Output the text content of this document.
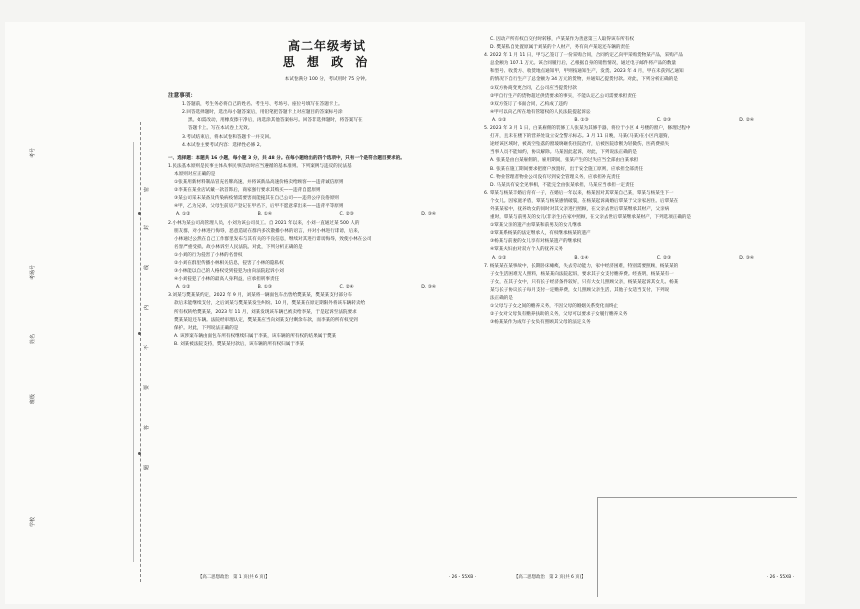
考号
考场号
姓名
班级
学校
密
封
线
内
不
要
答
题
高二年级考试
思 想 政 治
本试卷满分 100 分，考试用时 75 分钟。
注意事项：

1.答题前，考生务必将自己的姓名、考生号、考场号、座位号填写在答题卡上。

2.回答选择题时，选出每小题答案后，用铅笔把答题卡上对应题目的答案标号涂

黑。如需改动，用橡皮擦干净后，再选涂其他答案标号。回答非选择题时，将答案写在

答题卡上。写在本试卷上无效。

3.考试结束后，将本试卷和答题卡一并交回。

4.本试卷主要考试内容：选择性必修 2。

一、选择题：本题共 16 小题，每小题 3 分，共 48 分。在每小题给出的四个选项中，只有一个是符合题目要求的。

1.民法基本原则是民事主体从事民事活动时应当遵循的基本准则。下列案例与违反的民法基

本原则对应正确的是

①张某用新材料制品冒充名牌高速，并将该新品高速价格卖给顾客——违背诚信原则

②李某在某业店试戴一款首饰后，商家强行要求其购买——违背自愿原则

③某公司采末某备及传染病疫情需要害而能拖其在自己公司——违背公序良俗原则

④甲，乙为兄弟，父母生前房产登记在甲名下，后甲不愿意拿出来——违背平等原则

A. ①②	B. ①④	C. ②③	D. ③④

2.小林为某公司高管理人员，小刘为该公司员工。自 2021 年以来，小刘一直通过某 500 人的

朋友群，对小林进行侮辱，恶意造谣在群内多次散播小林的语言，并对小林进行诽谤，后来，

小林通过公然在自己工作群里发布与其有关的不良信息，继续对其进行诽谤侮辱，致使小林在公司

名誉严重受损。故小林诉至人民法院。对此，下列分析正确的是

①小刘的行为侵害了小林的名誉权

②小刘在群里传播小林相关信息，侵害了小林的隐私权

③小林能以自己的人格权受到侵犯为由向法院起诉小刘

④小刘侵犯了小林的最高人身利益，应承担刑事责任

A. ①②	B. ①③	C. ②④	D. ③④

3.刘某与樊某某约定，2022 年 9 月，刘某将一辆面包车出售给樊某某，樊某某支付部分车

款后未能继续支付，之后刘某与樊某某发生纠纷。10 月，樊某某在原定期限外将该车辆转卖给

所有权转给樊某某，2023 年 11 月，刘某发现该车辆已被卖给李某，于是起诉至法院要求

樊某某返还车辆。法院经审理认定，樊某某应当向刘某支付剩余车款，而李某的所有权受到

保护。对此，下列说法正确的是

A. 该涉案车辆由面包车所有权继续归属于李某，该车辆的所有权的结果属于樊某

B. 刘某被法院支持，樊某某付款后，该车辆的所有权归属于李某

【高二思想政治　第 1 页(共 6 页)】	· 26 - 55XB ·

C. 因动产所有权自交付时转移，卢某某作为善意第三人取得该车所有权

D. 樊某私自处置原属于刘某的个人财产，务有向卢某返还车辆的责任

4. 2022 年 1 月 11 日，甲与乙签订了一份采购合同，合同约定乙向甲采购货物某产品，采购产品

总金额为 107.1 万元。该合同履行后，乙根据自身的销售情况，通过电子邮件将产品的数量

和型号、收货方、收货地点通知甲，甲则按通知生产，发货。2023 年 4 月，甲在未获到乙通知

的情况下自行生产了总金额为 34 万元的货物，并通知乙提货付款。对此，下列分析正确的是

①双方协商变更合同，乙公司应当提货付款

②甲自行生产的货物超过供货要求的事实，不能认定乙公司需要承担责任

③双方签订了书面合同，乙构成了违约

④甲可以向乙所在地有管辖权的人民法院提起诉讼

A. ①②	B. ①③	C. ②③	D. ②④

5. 2023 年 3 月 1 日，白某雇佣的装修工人张某为其修手器，将位于小区 4 号楼的窗户，修理过程中

打开，且未在楼下的营养处设立安全警示标志。3 月 11 日晚，马某(马某)在小区内遛狗，

途经该区域时，被高空坠落的窗玻璃砸伤住院治疗，后被医院诊断为轻微伤，医药费损失

当事人员不能如约，协议解除。马某因此起诉，对此，下列说法正确的是

A. 张某是由白某雇佣的，雇用期间，张某产生的过失应当全部由白某承担

B. 张某在施工期间要求把窗户放置好，出于安全施工原则，应承担全部责任

C. 物业管理者物业公司没有尽到安全管理义务，应承担补充责任

D. 马某具有安全见事相，不能完全由张某承担，马某应当承担一定责任

6. 覃某与杨某丰婚后育有一子，在婚后一年以来，杨某因对其覃某自己某，覃某与杨某生下一

个女儿。因家庭矛盾，覃某与杨某感情破裂，在杨某起诉离婚后覃某于父亲家居住。后覃某在

外某某家中，抚养幼女的同时对其父亲进行照顾，在父亲去世后覃某继承其财产，父亲病

重时，覃某与前男友的女儿(非亲生)在家中照顾，在父亲去世后覃某继承某财产，下列选项正确的是

①覃某父亲的遗产由覃某和前男友的女儿继承

②覃某系杨某的法定继承人，有权继承杨某的遗产

③杨某与前妻的女儿享有对杨某遗产的继承权

④覃某夫妇由对双方个人的抚养义务

A. ①②	B. ①④	C. ②③	D. ③④

7. 杨某某在某事故中，长期卧床瘫痪，失去劳动能力，家中经济困难，特别需要照顾，杨某某的

子女生活困难无人照料，杨某某向法院起诉，要求其子女支付赡养费。经查明，杨某某有一

子女，在其子女中，只有长子经济条件较好，只有大女儿照顾父亲，杨某某起诉其女儿、杨某

某与长子协议长子每月支付一定赡养费，女儿照顾父亲生活，其他子女适当支付，下列说

法正确的是

①父母与子女之间的赡养义务，不因父母的婚姻关系变化而终止

②子女对父母负有赡养扶助的义务，父母可以要求子女履行赡养义务

③杨某某作为成年子女负有照顾其父母的法定义务

【高二思想政治　第 2 页(共 6 页)】	· 26 - 55XB ·
